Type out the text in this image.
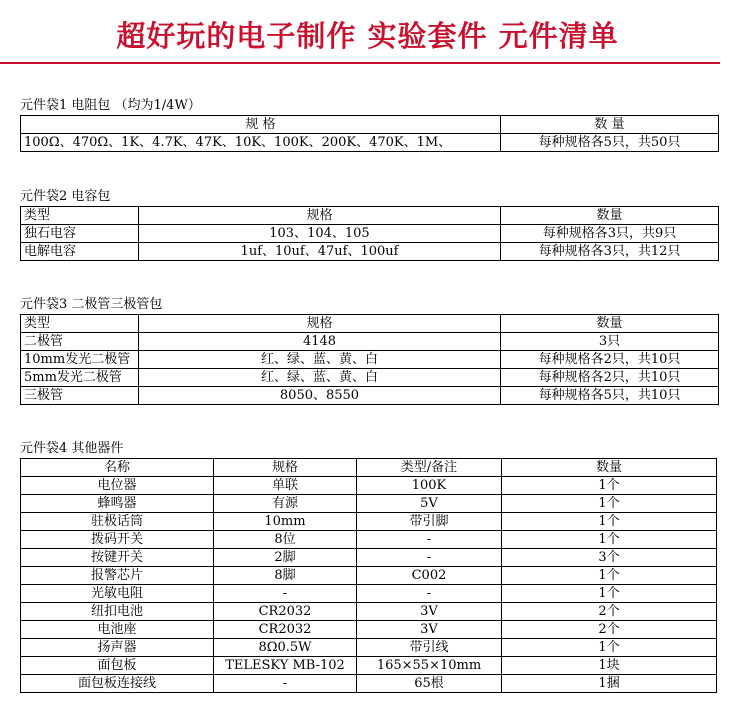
超好玩的电子制作 实验套件 元件清单
元件袋1 电阻包 （均为1/4W）
规 格	数 量
100Ω、470Ω、1K、4.7K、47K、10K、100K、200K、470K、1M、	每种规格各5只，共50只
元件袋2 电容包
类型	规格	数量
独石电容	103、104、105	每种规格各3只，共9只
电解电容	1uf、10uf、47uf、100uf	每种规格各3只，共12只
元件袋3 二极管三极管包
类型	规格	数量
二极管	4148	3只
10mm发光二极管	红、绿、蓝、黄、白	每种规格各2只，共10只
5mm发光二极管	红、绿、蓝、黄、白	每种规格各2只，共10只
三极管	8050、8550	每种规格各5只，共10只
元件袋4 其他器件
名称	规格	类型/备注	数量
电位器	单联	100K	1个
蜂鸣器	有源	5V	1个
驻极话筒	10mm	带引脚	1个
拨码开关	8位	-	1个
按键开关	2脚	-	3个
报警芯片	8脚	C002	1个
光敏电阻	-	-	1个
纽扣电池	CR2032	3V	2个
电池座	CR2032	3V	2个
扬声器	8Ω0.5W	带引线	1个
面包板	TELESKY MB-102	165×55×10mm	1块
面包板连接线	-	65根	1捆
